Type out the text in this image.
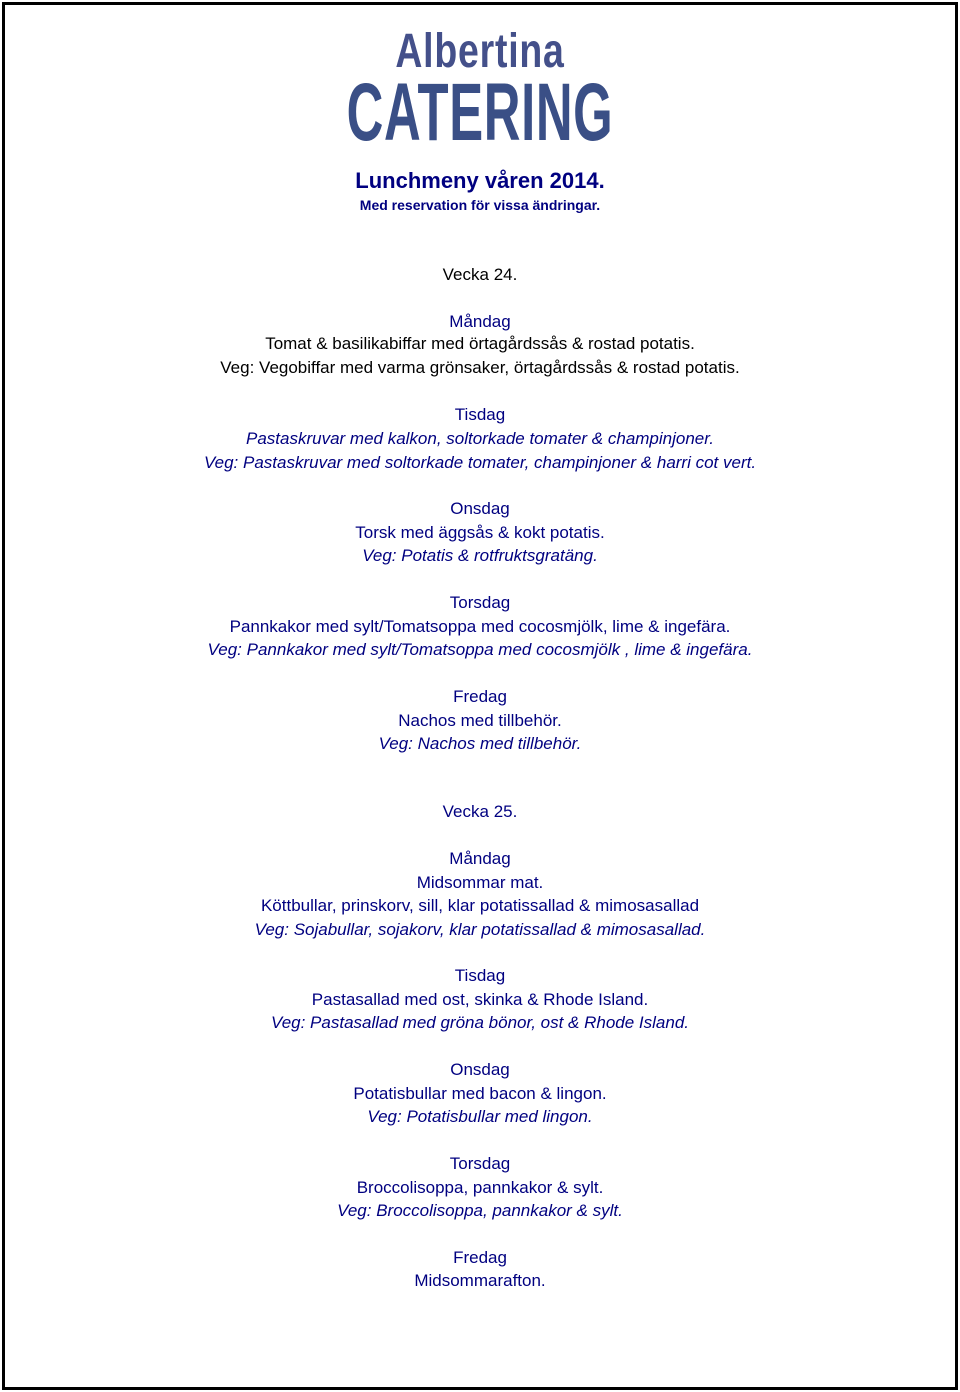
Albertina
CATERING
Lunchmeny våren 2014.
Med reservation för vissa ändringar.
Vecka 24.
Måndag
Tomat & basilikabiffar med örtagårdssås & rostad potatis.
Veg: Vegobiffar med varma grönsaker, örtagårdssås & rostad potatis.
Tisdag
Pastaskruvar med kalkon, soltorkade tomater & champinjoner.
Veg: Pastaskruvar med soltorkade tomater, champinjoner & harri cot vert.
Onsdag
Torsk med äggsås & kokt potatis.
Veg: Potatis & rotfruktsgratäng.
Torsdag
Pannkakor med sylt/Tomatsoppa med cocosmjölk, lime & ingefära.
Veg: Pannkakor med sylt/Tomatsoppa med cocosmjölk , lime & ingefära.
Fredag
Nachos med tillbehör.
Veg: Nachos med tillbehör.
Vecka 25.
Måndag
Midsommar mat.
Köttbullar, prinskorv, sill, klar potatissallad & mimosasallad
Veg: Sojabullar, sojakorv, klar potatissallad & mimosasallad.
Tisdag
Pastasallad med ost, skinka & Rhode Island.
Veg: Pastasallad med gröna bönor, ost & Rhode Island.
Onsdag
Potatisbullar med bacon & lingon.
Veg: Potatisbullar med lingon.
Torsdag
Broccolisoppa, pannkakor & sylt.
Veg: Broccolisoppa, pannkakor & sylt.
Fredag
Midsommarafton.
